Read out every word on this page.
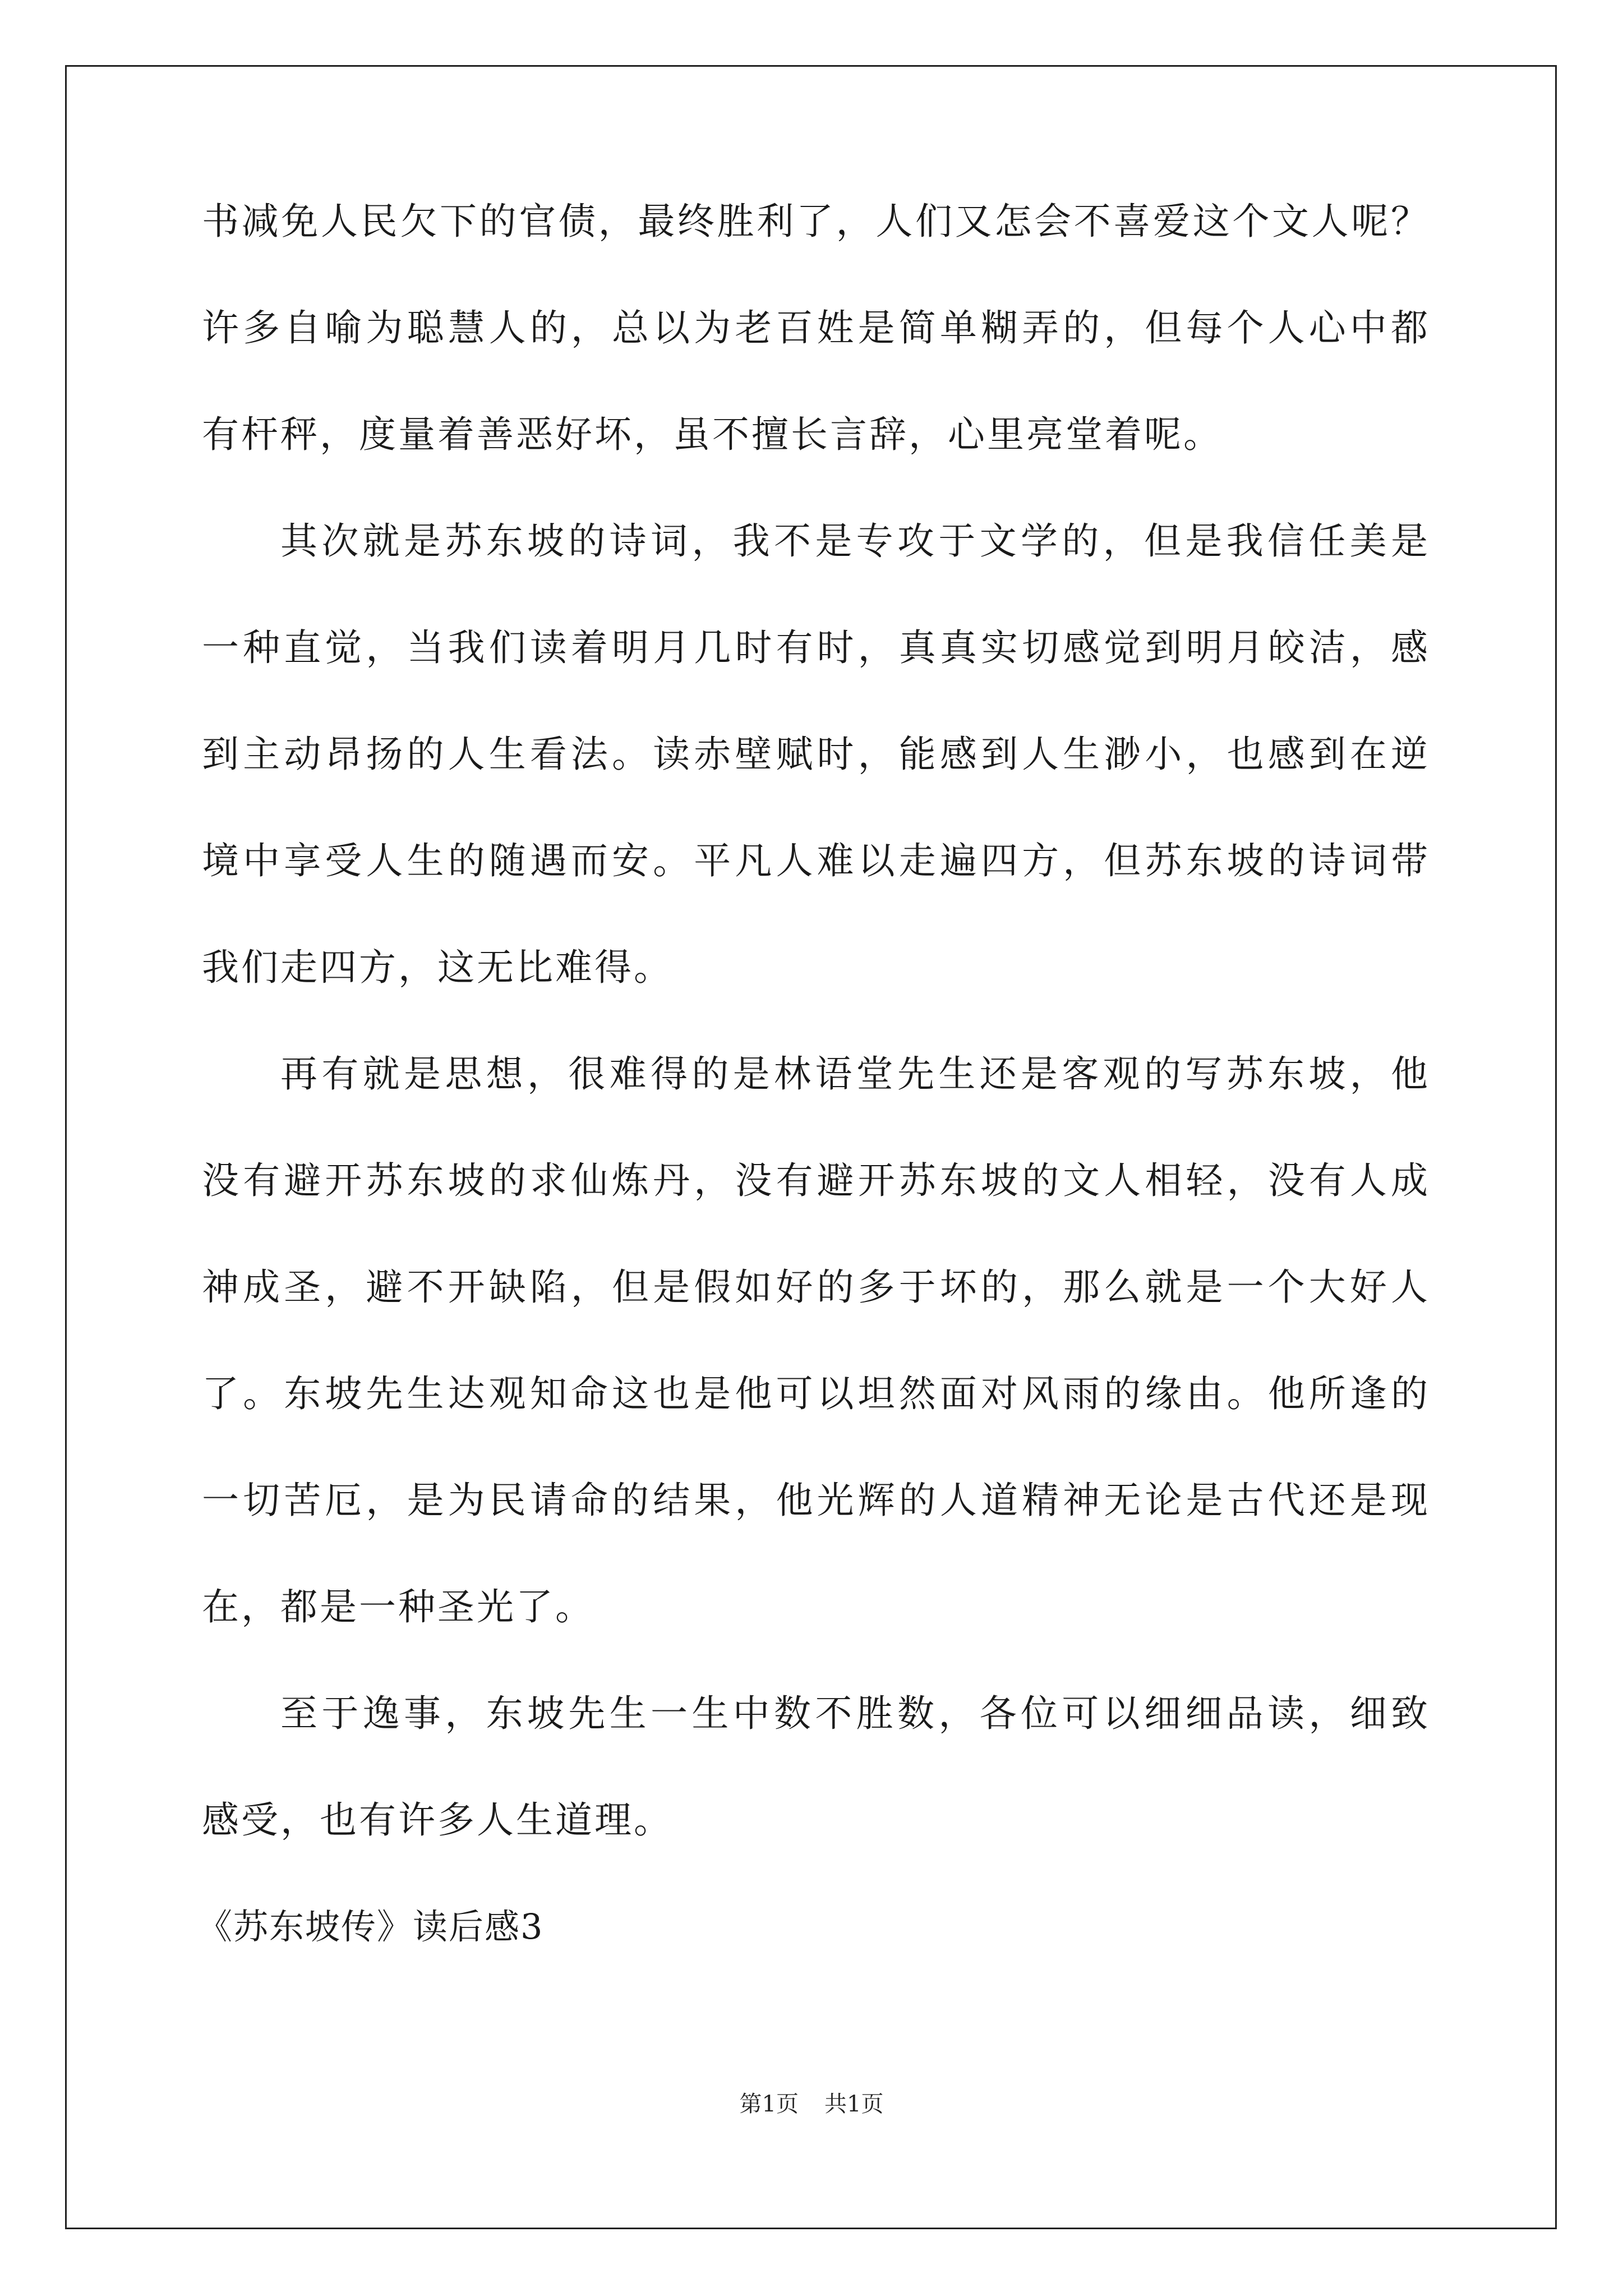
书减免人民欠下的官债，最终胜利了，人们又怎会不喜爱这个文人呢？
许多自喻为聪慧人的，总以为老百姓是简单糊弄的，但每个人心中都
有杆秤，度量着善恶好坏，虽不擅长言辞，心里亮堂着呢。
其次就是苏东坡的诗词，我不是专攻于文学的，但是我信任美是
一种直觉，当我们读着明月几时有时，真真实切感觉到明月皎洁，感
到主动昂扬的人生看法。读赤壁赋时，能感到人生渺小，也感到在逆
境中享受人生的随遇而安。平凡人难以走遍四方，但苏东坡的诗词带
我们走四方，这无比难得。
再有就是思想，很难得的是林语堂先生还是客观的写苏东坡，他
没有避开苏东坡的求仙炼丹，没有避开苏东坡的文人相轻，没有人成
神成圣，避不开缺陷，但是假如好的多于坏的，那么就是一个大好人
了。东坡先生达观知命这也是他可以坦然面对风雨的缘由。他所逢的
一切苦厄，是为民请命的结果，他光辉的人道精神无论是古代还是现
在，都是一种圣光了。
至于逸事，东坡先生一生中数不胜数，各位可以细细品读，细致
感受，也有许多人生道理。
《苏东坡传》读后感3
第1页 共1页
